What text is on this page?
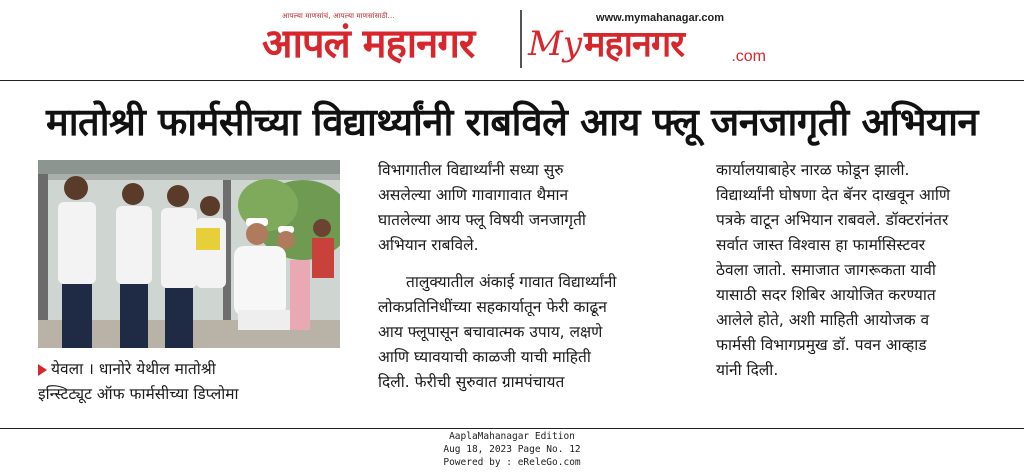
आपल्या माणसांचं, आपल्या माणसांसाठी...
आपलं महानगर
www.mymahanagar.com
My महानगर	.com
मातोश्री फार्मसीच्या विद्यार्थ्यांनी राबविले आय फ्लू जनजागृती अभियान

येवला । धानोरे येथील मातोश्री

इन्स्टिट्यूट ऑफ फार्मसीच्या डिप्लोमा

विभागातील विद्यार्थ्यांनी सध्या सुरु

असलेल्या आणि गावागावात थैमान

घातलेल्या आय फ्लू विषयी जनजागृती

अभियान राबविले.

तालुक्यातील अंकाई गावात विद्यार्थ्यांनी

लोकप्रतिनिधींच्या सहकार्यातून फेरी काढून

आय फ्लूपासून बचावात्मक उपाय, लक्षणे

आणि घ्यावयाची काळजी याची माहिती

दिली. फेरीची सुरुवात ग्रामपंचायत

कार्यालयाबाहेर नारळ फोडून झाली.

विद्यार्थ्यांनी घोषणा देत बॅनर दाखवून आणि

पत्रके वाटून अभियान राबवले. डॉक्टरांनंतर

सर्वात जास्त विश्वास हा फार्मासिस्टवर

ठेवला जातो. समाजात जागरूकता यावी

यासाठी सदर शिबिर आयोजित करण्यात

आलेले होते, अशी माहिती आयोजक व

फार्मसी विभागप्रमुख डॉ. पवन आव्हाड

यांनी दिली.

AaplaMahanagar Edition
Aug 18, 2023 Page No. 12
Powered by : eReleGo.com
